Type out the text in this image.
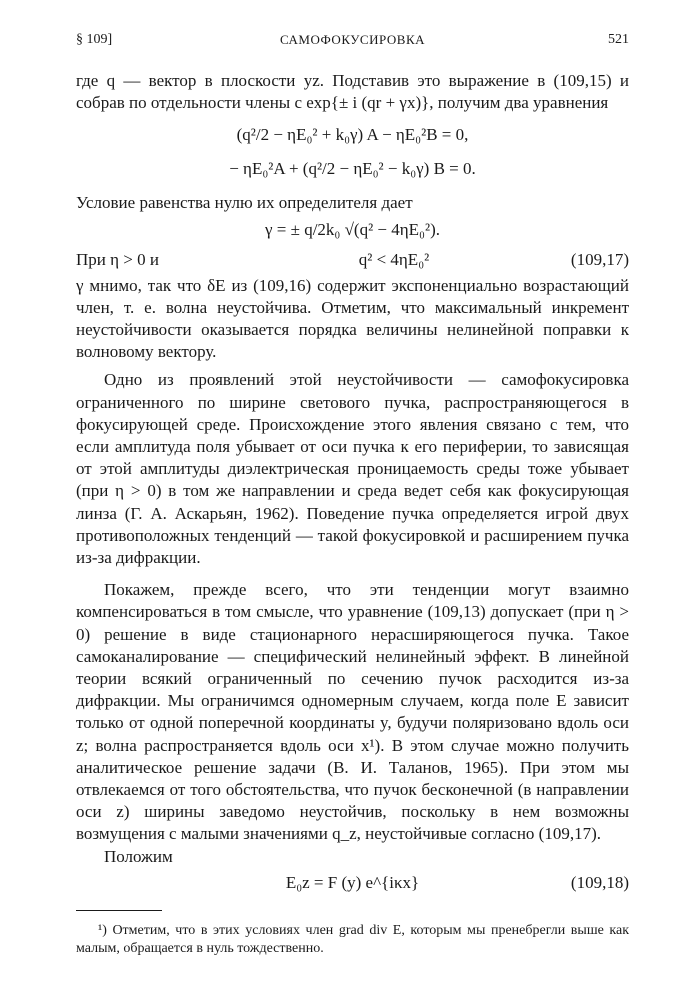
§ 109]	САМОФОКУСИРОВКА	521

где q — вектор в плоскости yz. Подставив это выражение в (109,15) и собрав по отдельности члены с exp{± i (qr + γx)}, получим два уравнения

(q²/2 − ηE₀² + k₀γ) A − ηE₀²B = 0,
− ηE₀²A + (q²/2 − ηE₀² − k₀γ) B = 0.

Условие равенства нулю их определителя дает

γ = ± q/2k₀ √(q² − 4ηE₀²).
При η > 0 и	q² < 4ηE₀²	(109,17)

γ мнимо, так что δE из (109,16) содержит экспоненциально возрастающий член, т. е. волна неустойчива. Отметим, что максимальный инкремент неустойчивости оказывается порядка величины нелинейной поправки к волновому вектору.

Одно из проявлений этой неустойчивости — самофокусировка ограниченного по ширине светового пучка, распространяющегося в фокусирующей среде. Происхождение этого явления связано с тем, что если амплитуда поля убывает от оси пучка к его периферии, то зависящая от этой амплитуды диэлектрическая проницаемость среды тоже убывает (при η > 0) в том же направлении и среда ведет себя как фокусирующая линза (Г. А. Аскарьян, 1962). Поведение пучка определяется игрой двух противоположных тенденций — такой фокусировкой и расширением пучка из-за дифракции.

Покажем, прежде всего, что эти тенденции могут взаимно компенсироваться в том смысле, что уравнение (109,13) допускает (при η > 0) решение в виде стационарного нерасширяющегося пучка. Такое самоканалирование — специфический нелинейный эффект. В линейной теории всякий ограниченный по сечению пучок расходится из-за дифракции. Мы ограничимся одномерным случаем, когда поле E зависит только от одной поперечной координаты y, будучи поляризовано вдоль оси z; волна распространяется вдоль оси x¹). В этом случае можно получить аналитическое решение задачи (В. И. Таланов, 1965). При этом мы отвлекаемся от того обстоятельства, что пучок бесконечной (в направлении оси z) ширины заведомо неустойчив, поскольку в нем возможны возмущения с малыми значениями q_z, неустойчивые согласно (109,17).

Положим

E₀z = F (y) e^{iκx}	(109,18)

¹) Отметим, что в этих условиях член grad div E, которым мы пренебрегли выше как малым, обращается в нуль тождественно.
